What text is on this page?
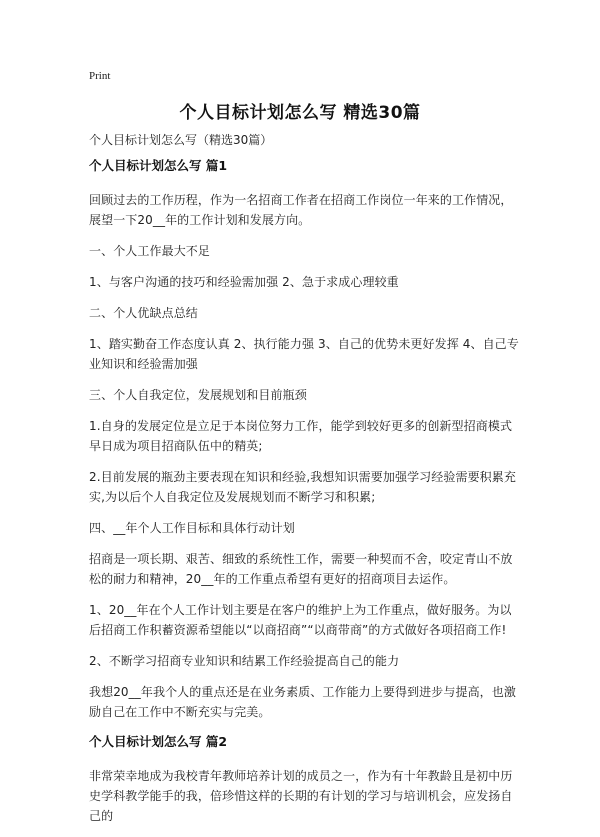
Print
个人目标计划怎么写 精选30篇
个人目标计划怎么写（精选30篇）
个人目标计划怎么写 篇1

回顾过去的工作历程，作为一名招商工作者在招商工作岗位一年来的工作情况，展望一下20__年的工作计划和发展方向。

一、个人工作最大不足

1、与客户沟通的技巧和经验需加强 2、急于求成心理较重

二、个人优缺点总结

1、踏实勤奋工作态度认真 2、执行能力强 3、自己的优势未更好发挥 4、自己专业知识和经验需加强

三、个人自我定位，发展规划和目前瓶颈

1.自身的发展定位是立足于本岗位努力工作，能学到较好更多的创新型招商模式早日成为项目招商队伍中的精英;

2.目前发展的瓶劲主要表现在知识和经验,我想知识需要加强学习经验需要积累充实,为以后个人自我定位及发展规划而不断学习和积累;

四、__年个人工作目标和具体行动计划

招商是一项长期、艰苦、细致的系统性工作，需要一种契而不舍，咬定青山不放松的耐力和精神，20__年的工作重点希望有更好的招商项目去运作。

1、20__年在个人工作计划主要是在客户的维护上为工作重点，做好服务。为以后招商工作积蓄资源希望能以“以商招商”“以商带商”的方式做好各项招商工作!

2、不断学习招商专业知识和结累工作经验提高自己的能力

我想20__年我个人的重点还是在业务素质、工作能力上要得到进步与提高，也激励自己在工作中不断充实与完美。

个人目标计划怎么写 篇2

非常荣幸地成为我校青年教师培养计划的成员之一，作为有十年教龄且是初中历史学科教学能手的我，倍珍惜这样的长期的有计划的学习与培训机会，应发扬自己的
